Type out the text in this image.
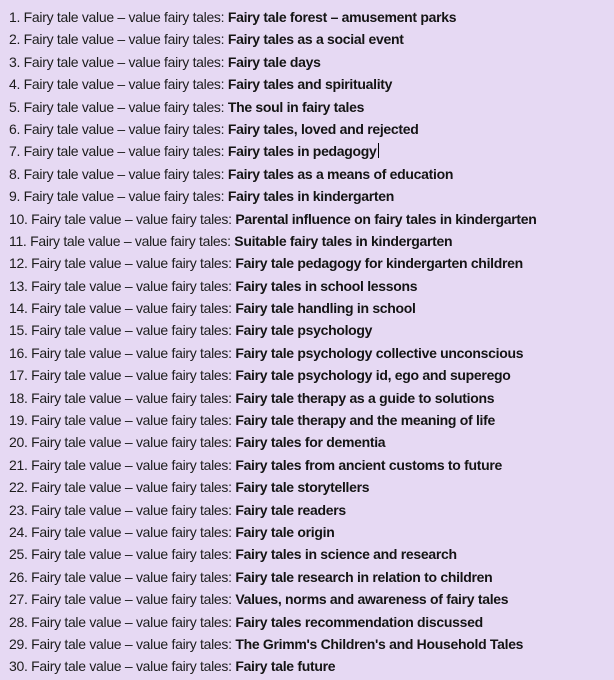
1. Fairy tale value – value fairy tales: Fairy tale forest – amusement parks
2. Fairy tale value – value fairy tales: Fairy tales as a social event
3. Fairy tale value – value fairy tales: Fairy tale days
4. Fairy tale value – value fairy tales: Fairy tales and spirituality
5. Fairy tale value – value fairy tales: The soul in fairy tales
6. Fairy tale value – value fairy tales: Fairy tales, loved and rejected
7. Fairy tale value – value fairy tales: Fairy tales in pedagogy
8. Fairy tale value – value fairy tales: Fairy tales as a means of education
9. Fairy tale value – value fairy tales: Fairy tales in kindergarten
10. Fairy tale value – value fairy tales: Parental influence on fairy tales in kindergarten
11. Fairy tale value – value fairy tales: Suitable fairy tales in kindergarten
12. Fairy tale value – value fairy tales: Fairy tale pedagogy for kindergarten children
13. Fairy tale value – value fairy tales: Fairy tales in school lessons
14. Fairy tale value – value fairy tales: Fairy tale handling in school
15. Fairy tale value – value fairy tales: Fairy tale psychology
16. Fairy tale value – value fairy tales: Fairy tale psychology collective unconscious
17. Fairy tale value – value fairy tales: Fairy tale psychology id, ego and superego
18. Fairy tale value – value fairy tales: Fairy tale therapy as a guide to solutions
19. Fairy tale value – value fairy tales: Fairy tale therapy and the meaning of life
20. Fairy tale value – value fairy tales: Fairy tales for dementia
21. Fairy tale value – value fairy tales: Fairy tales from ancient customs to future
22. Fairy tale value – value fairy tales: Fairy tale storytellers
23. Fairy tale value – value fairy tales: Fairy tale readers
24. Fairy tale value – value fairy tales: Fairy tale origin
25. Fairy tale value – value fairy tales: Fairy tales in science and research
26. Fairy tale value – value fairy tales: Fairy tale research in relation to children
27. Fairy tale value – value fairy tales: Values, norms and awareness of fairy tales
28. Fairy tale value – value fairy tales: Fairy tales recommendation discussed
29. Fairy tale value – value fairy tales: The Grimm's Children's and Household Tales
30. Fairy tale value – value fairy tales: Fairy tale future
